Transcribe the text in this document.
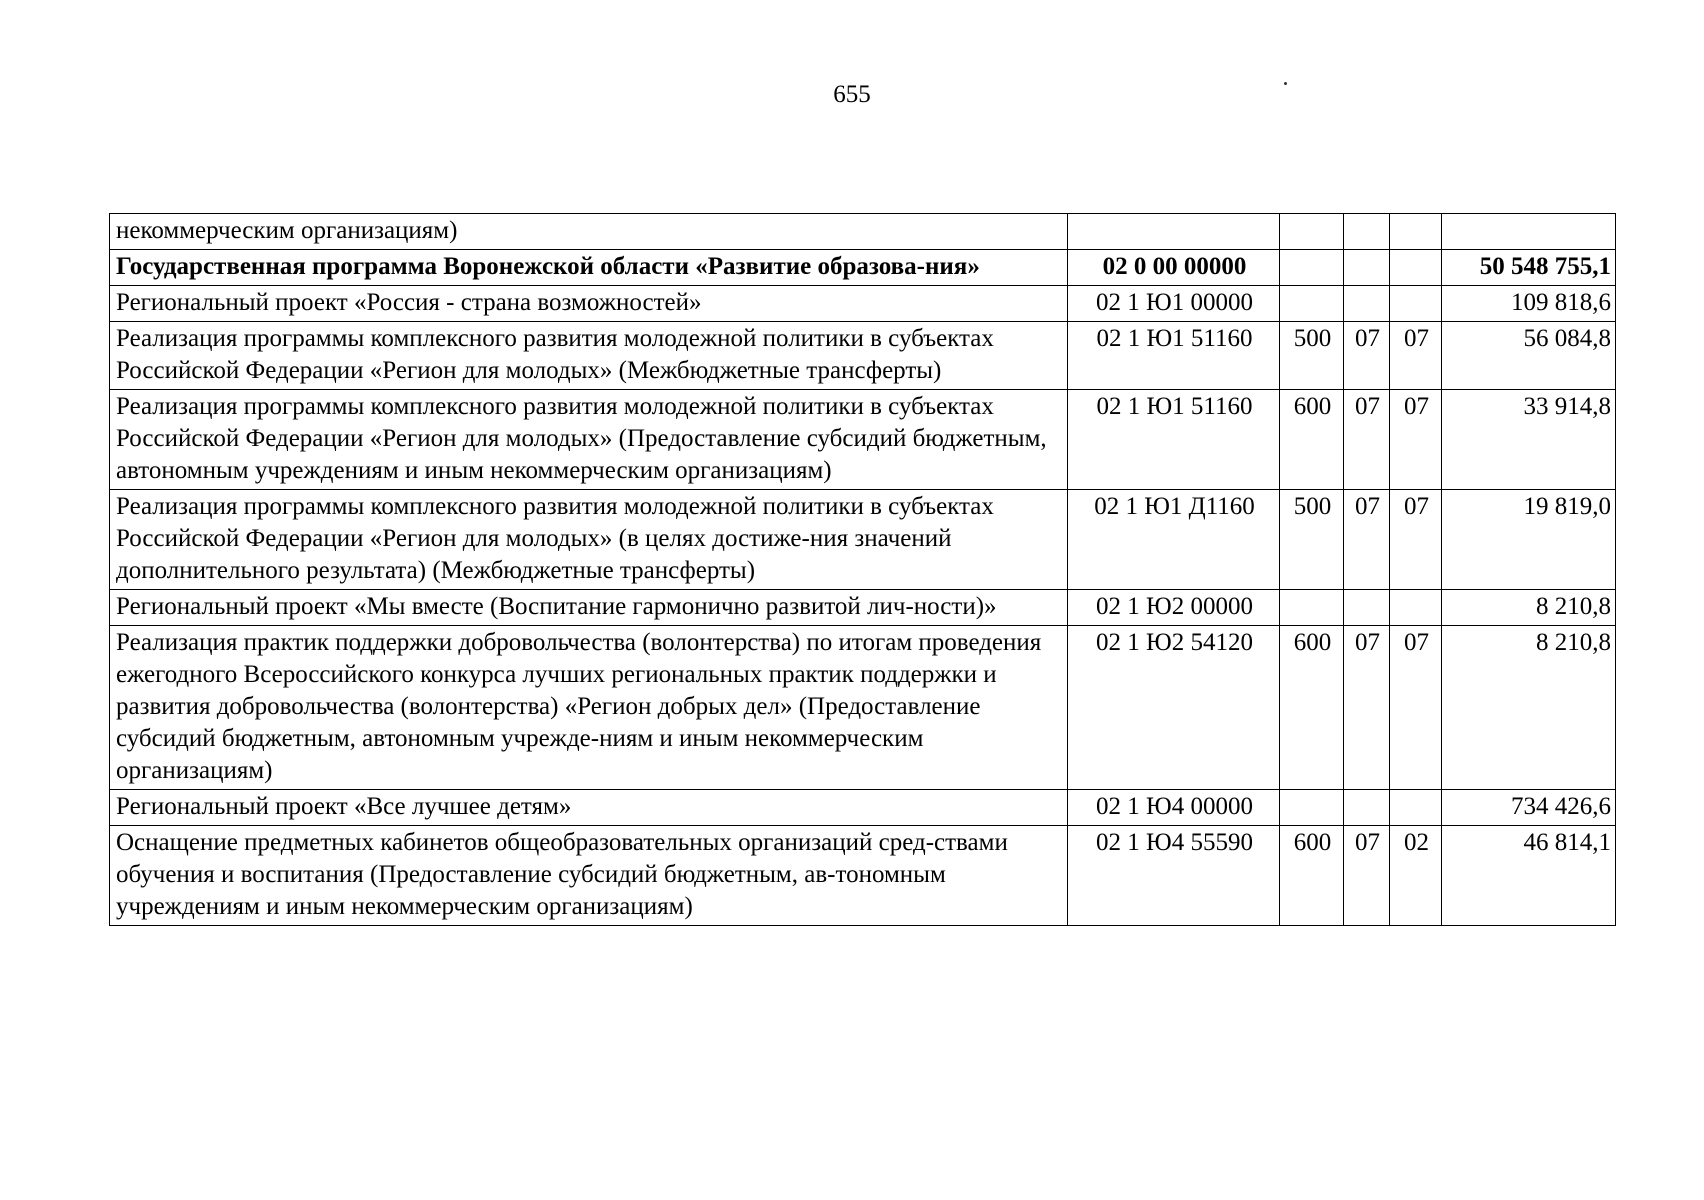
655
некоммерческим организациям)					
Государственная программа Воронежской области «Развитие образова-ния»	02 0 00 00000				50 548 755,1
Региональный проект «Россия - страна возможностей»	02 1 Ю1 00000				109 818,6
Реализация программы комплексного развития молодежной политики в субъектах Российской Федерации «Регион для молодых» (Межбюджетные трансферты)	02 1 Ю1 51160	500	07	07	56 084,8
Реализация программы комплексного развития молодежной политики в субъектах Российской Федерации «Регион для молодых» (Предоставление субсидий бюджетным, автономным учреждениям и иным некоммерческим организациям)	02 1 Ю1 51160	600	07	07	33 914,8
Реализация программы комплексного развития молодежной политики в субъектах Российской Федерации «Регион для молодых» (в целях достиже-ния значений дополнительного результата) (Межбюджетные трансферты)	02 1 Ю1 Д1160	500	07	07	19 819,0
Региональный проект «Мы вместе (Воспитание гармонично развитой лич-ности)»	02 1 Ю2 00000				8 210,8
Реализация практик поддержки добровольчества (волонтерства) по итогам проведения ежегодного Всероссийского конкурса лучших региональных практик поддержки и развития добровольчества (волонтерства) «Регион добрых дел» (Предоставление субсидий бюджетным, автономным учрежде-ниям и иным некоммерческим организациям)	02 1 Ю2 54120	600	07	07	8 210,8
Региональный проект «Все лучшее детям»	02 1 Ю4 00000				734 426,6
Оснащение предметных кабинетов общеобразовательных организаций сред-ствами обучения и воспитания (Предоставление субсидий бюджетным, ав-тономным учреждениям и иным некоммерческим организациям)	02 1 Ю4 55590	600	07	02	46 814,1
